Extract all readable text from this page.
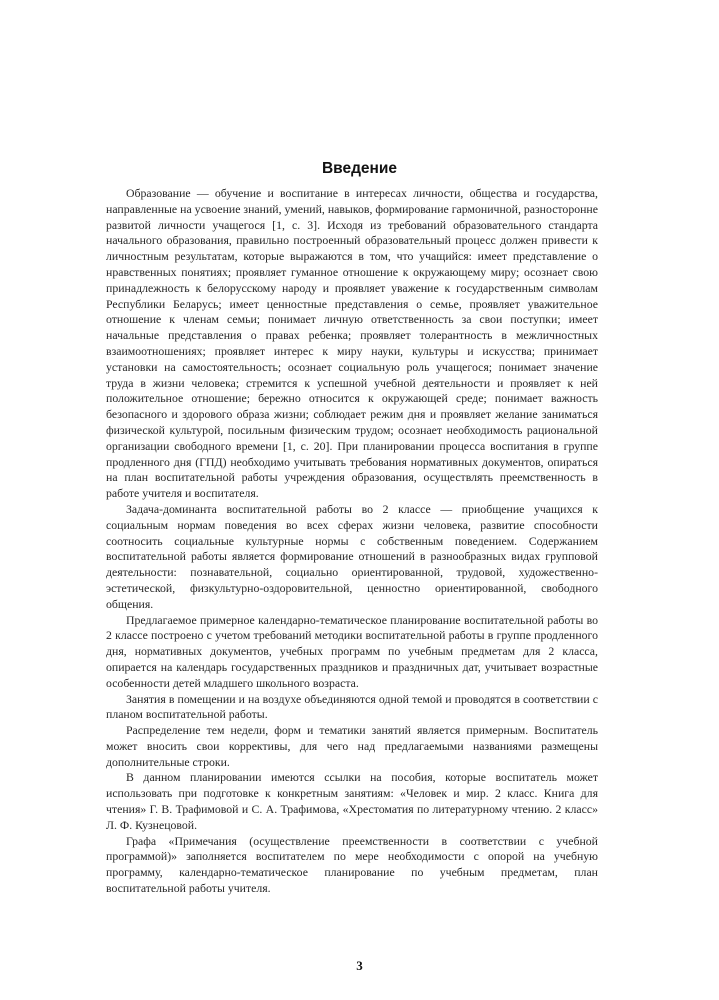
Введение

Образование — обучение и воспитание в интересах личности, общества и государства, направленные на усвоение знаний, умений, навыков, формирование гармоничной, разносторонне развитой личности учащегося [1, с. 3]. Исходя из требований образовательного стандарта начального образования, правильно построенный образовательный процесс должен привести к личностным результатам, которые выражаются в том, что учащийся: имеет представление о нравственных понятиях; проявляет гуманное отношение к окружающему миру; осознает свою принадлежность к белорусскому народу и проявляет уважение к государственным символам Республики Беларусь; имеет ценностные представления о семье, проявляет уважительное отношение к членам семьи; понимает личную ответственность за свои поступки; имеет начальные представления о правах ребенка; проявляет толерантность в межличностных взаимоотношениях; проявляет интерес к миру науки, культуры и искусства; принимает установки на самостоятельность; осознает социальную роль учащегося; понимает значение труда в жизни человека; стремится к успешной учебной деятельности и проявляет к ней положительное отношение; бережно относится к окружающей среде; понимает важность безопасного и здорового образа жизни; соблюдает режим дня и проявляет желание заниматься физической культурой, посильным физическим трудом; осознает необходимость рациональной организации свободного времени [1, с. 20]. При планировании процесса воспитания в группе продленного дня (ГПД) необходимо учитывать требования нормативных документов, опираться на план воспитательной работы учреждения образования, осуществлять преемственность в работе учителя и воспитателя.

Задача-доминанта воспитательной работы во 2 классе — приобщение учащихся к социальным нормам поведения во всех сферах жизни человека, развитие способности соотносить социальные культурные нормы с собственным поведением. Содержанием воспитательной работы является формирование отношений в разнообразных видах групповой деятельности: познавательной, социально ориентированной, трудовой, художественно-эстетической, физкультурно-оздоровительной, ценностно ориентированной, свободного общения.

Предлагаемое примерное календарно-тематическое планирование воспитательной работы во 2 классе построено с учетом требований методики воспитательной работы в группе продленного дня, нормативных документов, учебных программ по учебным предметам для 2 класса, опирается на календарь государственных праздников и праздничных дат, учитывает возрастные особенности детей младшего школьного возраста.

Занятия в помещении и на воздухе объединяются одной темой и проводятся в соответствии с планом воспитательной работы.

Распределение тем недели, форм и тематики занятий является примерным. Воспитатель может вносить свои коррективы, для чего над предлагаемыми названиями размещены дополнительные строки.

В данном планировании имеются ссылки на пособия, которые воспитатель может использовать при подготовке к конкретным занятиям: «Человек и мир. 2 класс. Книга для чтения» Г. В. Трафимовой и С. А. Трафимова, «Хрестоматия по литературному чтению. 2 класс» Л. Ф. Кузнецовой.

Графа «Примечания (осуществление преемственности в соответствии с учебной программой)» заполняется воспитателем по мере необходимости с опорой на учебную программу, календарно-тематическое планирование по учебным предметам, план воспитательной работы учителя.

3
